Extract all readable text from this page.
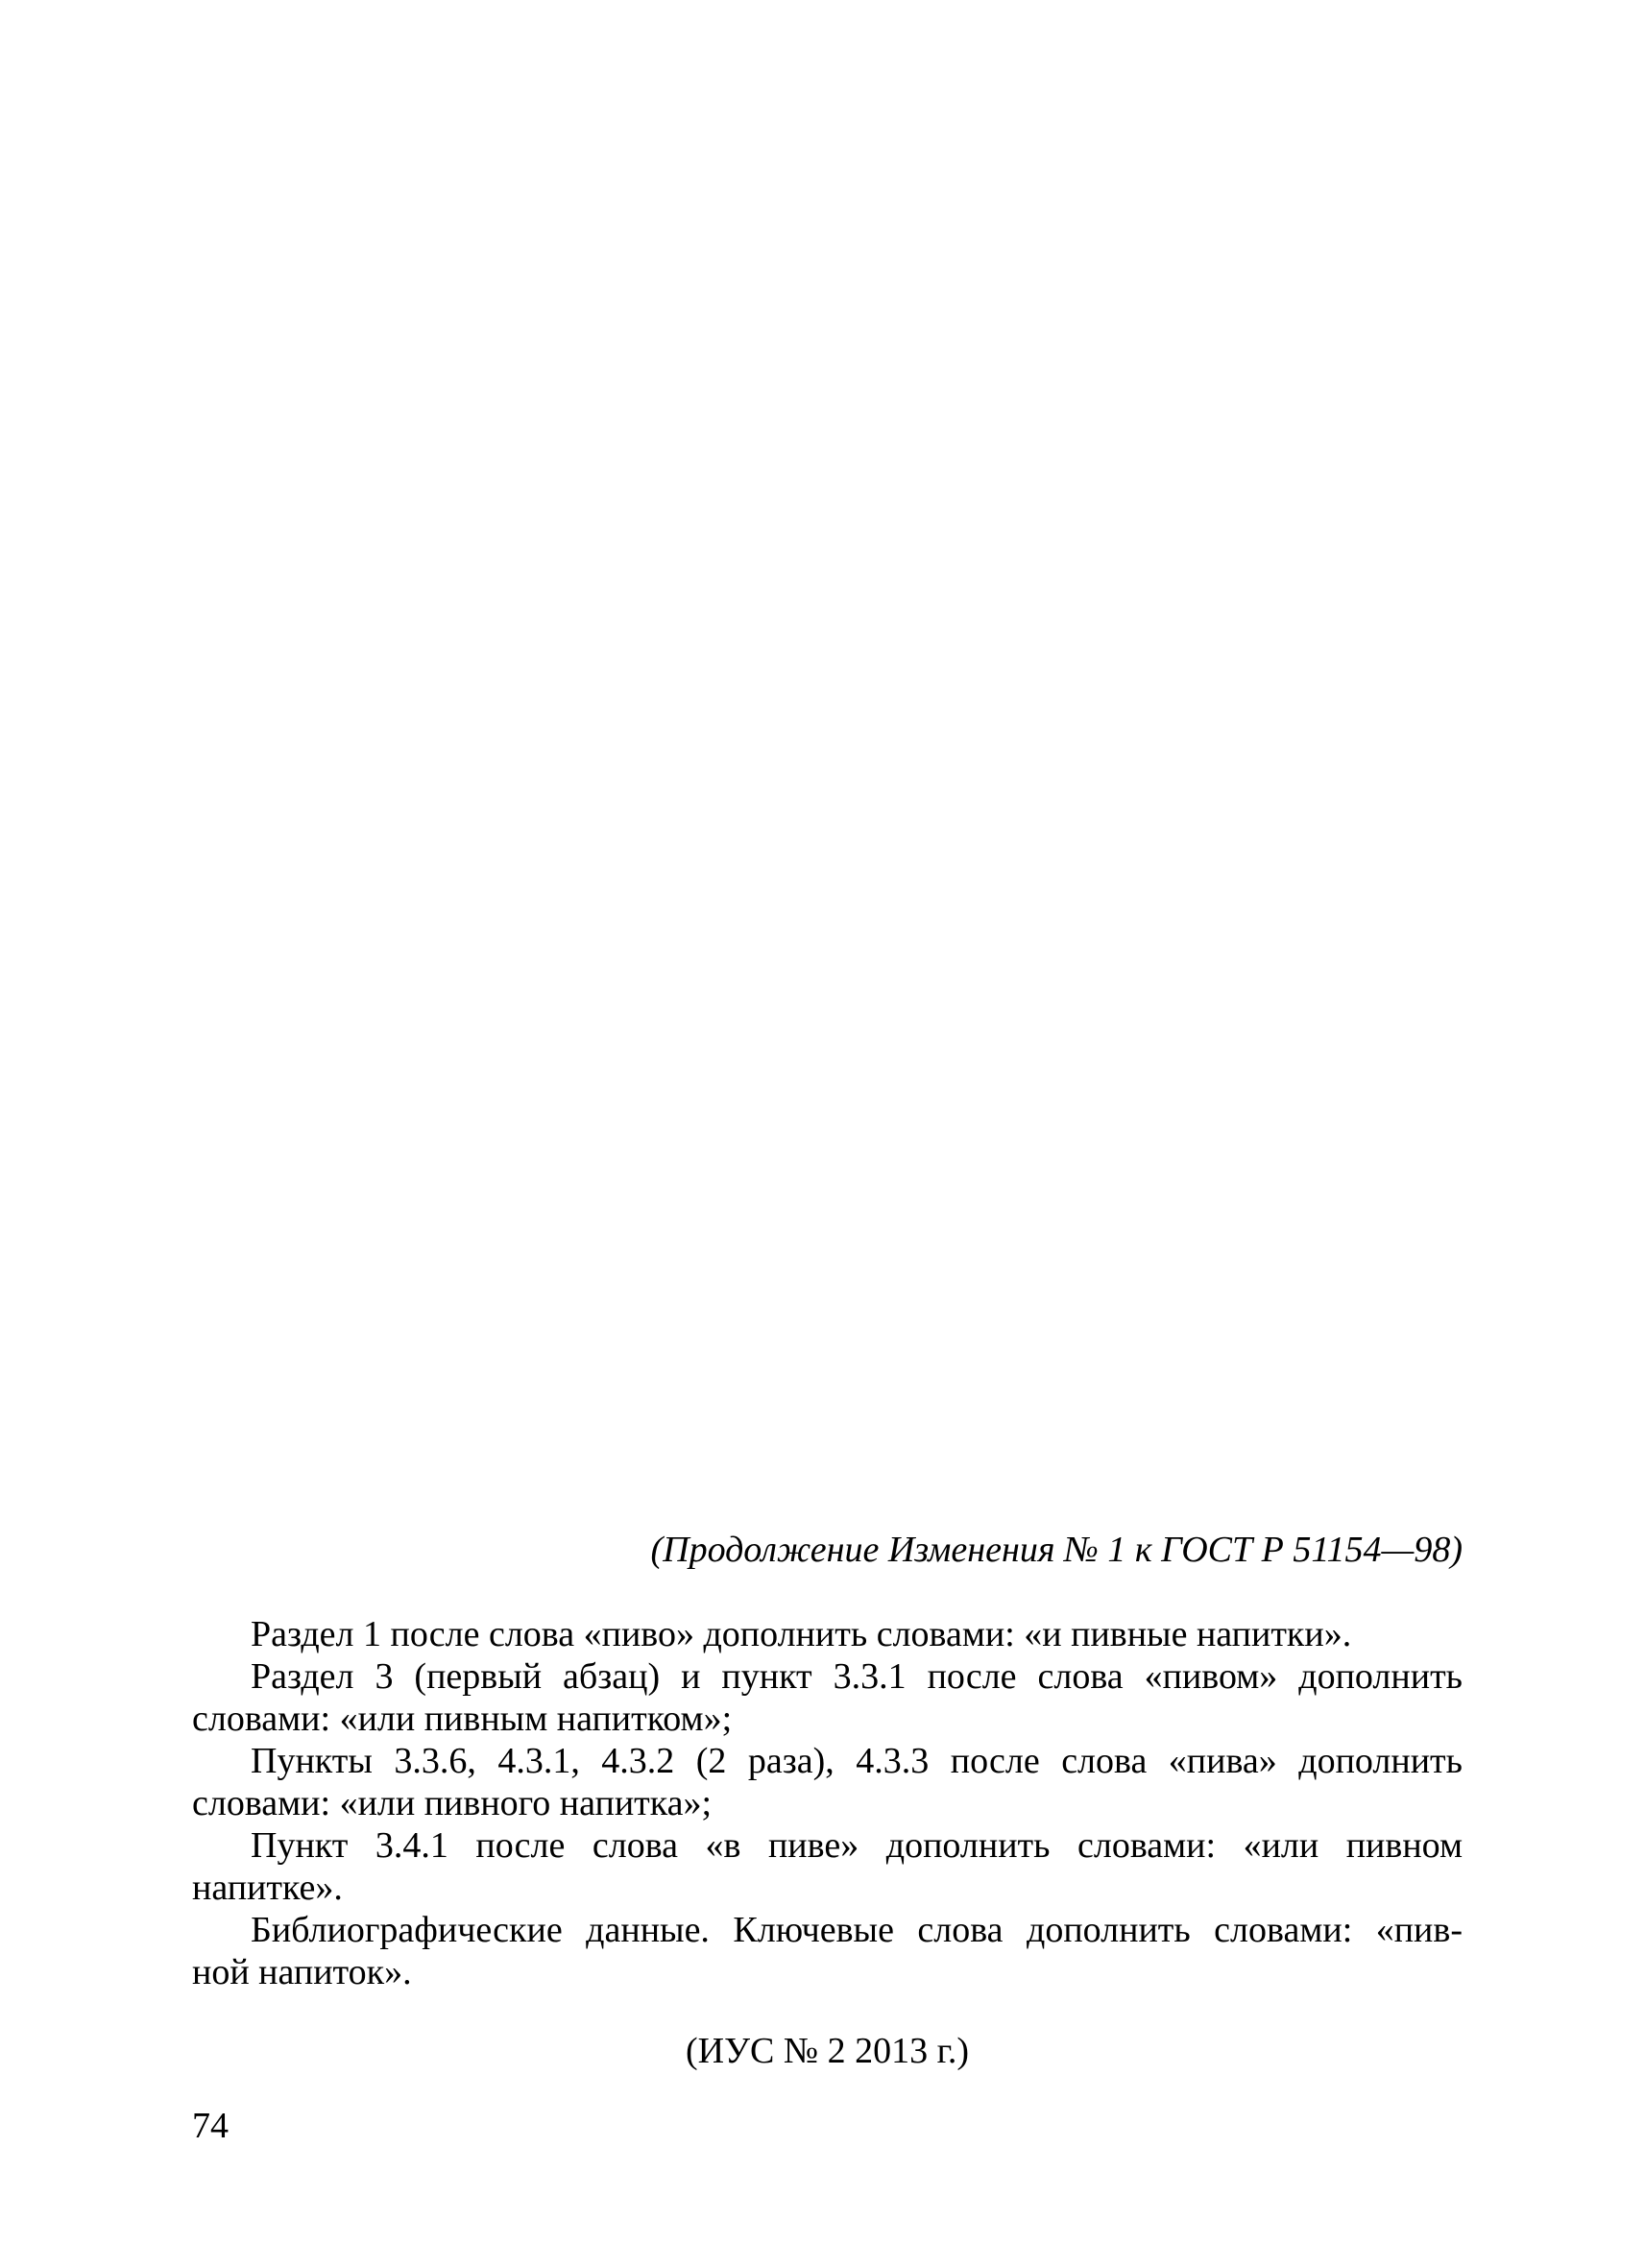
(Продолжение Изменения № 1 к ГОСТ Р 51154—98)
Раздел 1 после слова «пиво» дополнить словами: «и пивные напитки».
Раздел 3 (первый абзац) и пункт 3.3.1 после слова «пивом» дополнить
словами: «или пивным напитком»;
Пункты 3.3.6, 4.3.1, 4.3.2 (2 раза), 4.3.3 после слова «пива» дополнить
словами: «или пивного напитка»;
Пункт 3.4.1 после слова «в пиве» дополнить словами: «или пивном
напитке».
Библиографические данные. Ключевые слова дополнить словами: «пив-
ной напиток».
(ИУС № 2 2013 г.)
74
